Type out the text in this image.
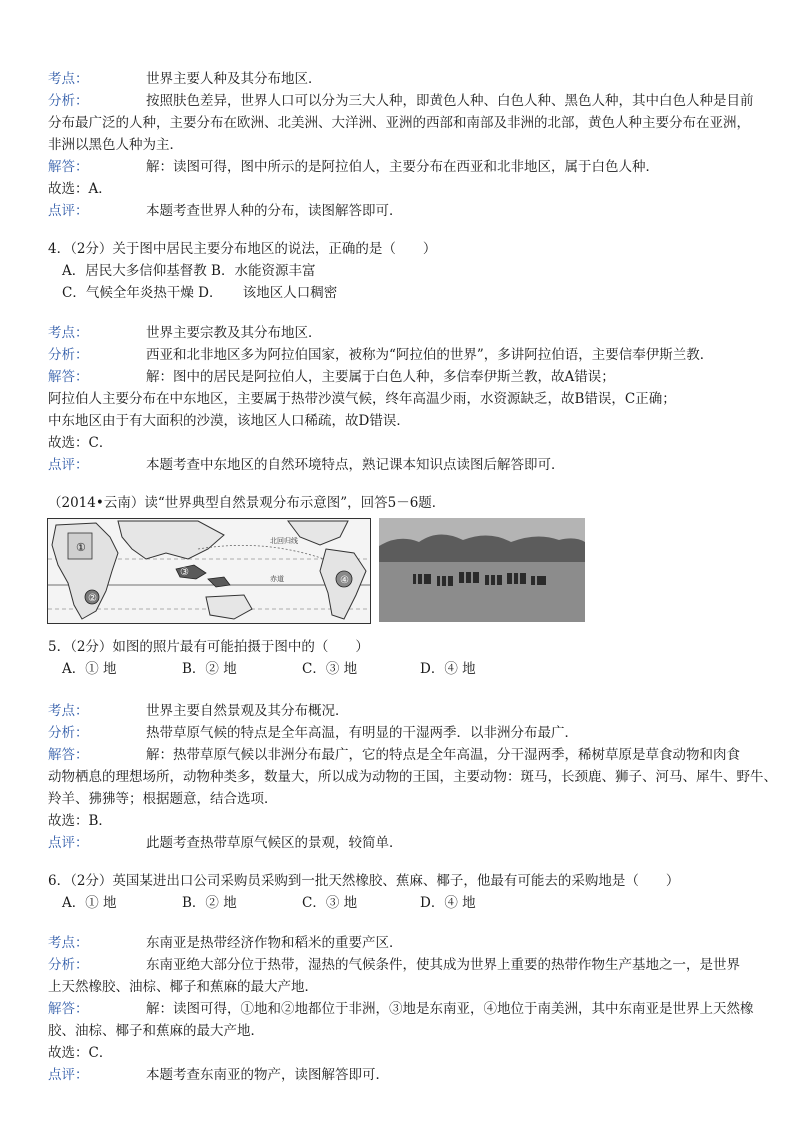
考点：	世界主要人种及其分布地区．
分析：	按照肤色差异，世界人口可以分为三大人种，即黄色人种、白色人种、黑色人种，其中白色人种是目前
分布最广泛的人种，主要分布在欧洲、北美洲、大洋洲、亚洲的西部和南部及非洲的北部，黄色人种主要分布在亚洲，
非洲以黑色人种为主．
解答：	解：读图可得，图中所示的是阿拉伯人，主要分布在西亚和北非地区，属于白色人种．
故选：A．
点评：	本题考查世界人种的分布，读图解答即可．
4．（2分）关于图中居民主要分布地区的说法，正确的是（　　）
A．居民大多信仰基督教 B．水能资源丰富
C．气候全年炎热干燥 D．　　该地区人口稠密
考点：	世界主要宗教及其分布地区．
分析：	西亚和北非地区多为阿拉伯国家，被称为“阿拉伯的世界”，多讲阿拉伯语，主要信奉伊斯兰教．
解答：	解：图中的居民是阿拉伯人，主要属于白色人种，多信奉伊斯兰教，故A错误；
阿拉伯人主要分布在中东地区，主要属于热带沙漠气候，终年高温少雨，水资源缺乏，故B错误，C正确；
中东地区由于有大面积的沙漠，该地区人口稀疏，故D错误．
故选：C．
点评：	本题考查中东地区的自然环境特点，熟记课本知识点读图后解答即可．
（2014•云南）读“世界典型自然景观分布示意图”，回答5－6题．
①
②
③
④
北回归线
赤道
5．（2分）如图的照片最有可能拍摄于图中的（　　）
A．① 地	B．② 地	C．③ 地	D．④ 地
考点：	世界主要自然景观及其分布概况．
分析：	热带草原气候的特点是全年高温，有明显的干湿两季．以非洲分布最广．
解答：	解：热带草原气候以非洲分布最广，它的特点是全年高温，分干湿两季，稀树草原是草食动物和肉食
动物栖息的理想场所，动物种类多，数量大，所以成为动物的王国，主要动物：斑马，长颈鹿、狮子、河马、犀牛、野牛、
羚羊、狒狒等；根据题意，结合选项．
故选：B．
点评：	此题考查热带草原气候区的景观，较简单．
6．（2分）英国某进出口公司采购员采购到一批天然橡胶、蕉麻、椰子，他最有可能去的采购地是（　　）
A．① 地	B．② 地	C．③ 地	D．④ 地
考点：	东南亚是热带经济作物和稻米的重要产区．
分析：	东南亚绝大部分位于热带，湿热的气候条件，使其成为世界上重要的热带作物生产基地之一，是世界
上天然橡胶、油棕、椰子和蕉麻的最大产地．
解答：	解：读图可得，①地和②地都位于非洲，③地是东南亚，④地位于南美洲，其中东南亚是世界上天然橡
胶、油棕、椰子和蕉麻的最大产地．
故选：C．
点评：	本题考查东南亚的物产，读图解答即可．
